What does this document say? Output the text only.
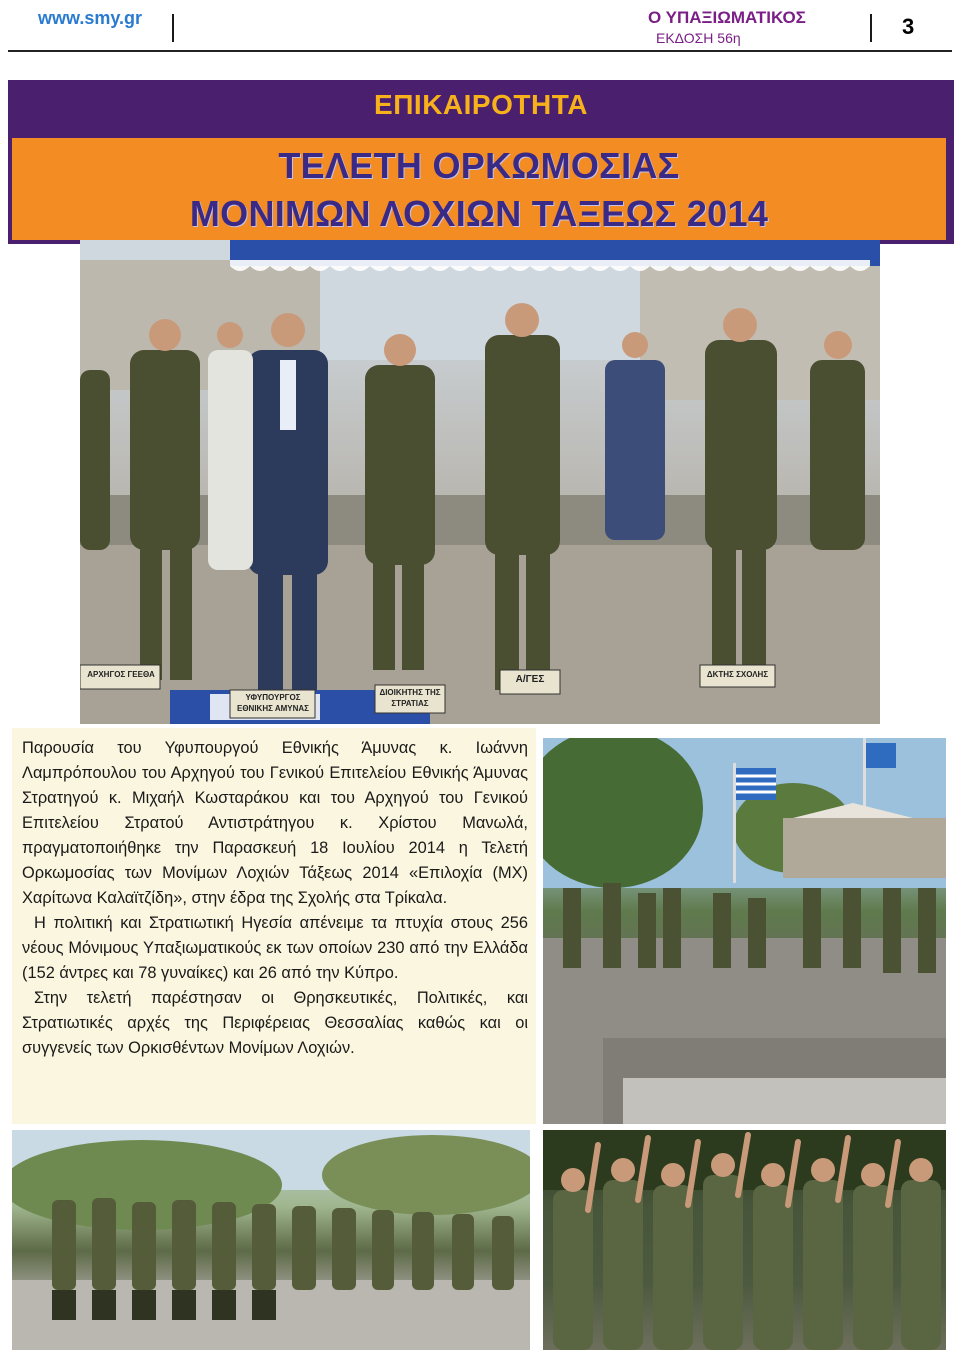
www.smy.gr	Ο ΥΠΑΞΙΩΜΑΤΙΚΟΣ
ΕΚΔΟΣΗ 56η	3
ΕΠΙΚΑΙΡΟΤΗΤΑ
ΤΕΛΕΤΗ ΟΡΚΩΜΟΣΙΑΣ
ΜΟΝΙΜΩΝ ΛΟΧΙΩΝ ΤΑΞΕΩΣ 2014
ΑΡΧΗΓΟΣ ΓΕΕΘΑ
ΥΦΥΠΟΥΡΓΟΣ ΕΘΝΙΚΗΣ ΑΜΥΝΑΣ
ΔΙΟΙΚΗΤΗΣ ΤΗΣ ΣΤΡΑΤΙΑΣ
Α/ΓΕΣ	ΔΚΤΗΣ ΣΧΟΛΗΣ

Παρουσία του Υφυπουργού Εθνικής Άμυνας κ. Ιωάννη Λαμπρόπουλου του Αρχηγού του Γενικού Επιτελείου Εθνικής Άμυνας Στρατηγού κ. Μιχαήλ Κωσταράκου και του Αρχηγού του Γενικού Επιτελείου Στρατού Αντιστράτηγου κ. Χρίστου Μανωλά, πραγματοποιήθηκε την Παρασκευή 18 Ιουλίου 2014 η Τελετή Ορκωμοσίας των Μονίμων Λοχιών Τάξεως 2014 «Επιλοχία (ΜΧ) Χαρίτωνα Καλαϊτζίδη», στην έδρα της Σχολής στα Τρίκαλα.

Η πολιτική και Στρατιωτική Ηγεσία απένειμε τα πτυχία στους 256 νέους Μόνιμους Υπαξιωματικούς εκ των οποίων 230 από την Ελλάδα (152 άντρες και 78 γυναίκες) και 26 από την Κύπρο.

Στην τελετή παρέστησαν οι Θρησκευτικές, Πολιτικές, και Στρατιωτικές αρχές της Περιφέρειας Θεσσαλίας καθώς και οι συγγενείς των Ορκισθέντων Μονίμων Λοχιών.
